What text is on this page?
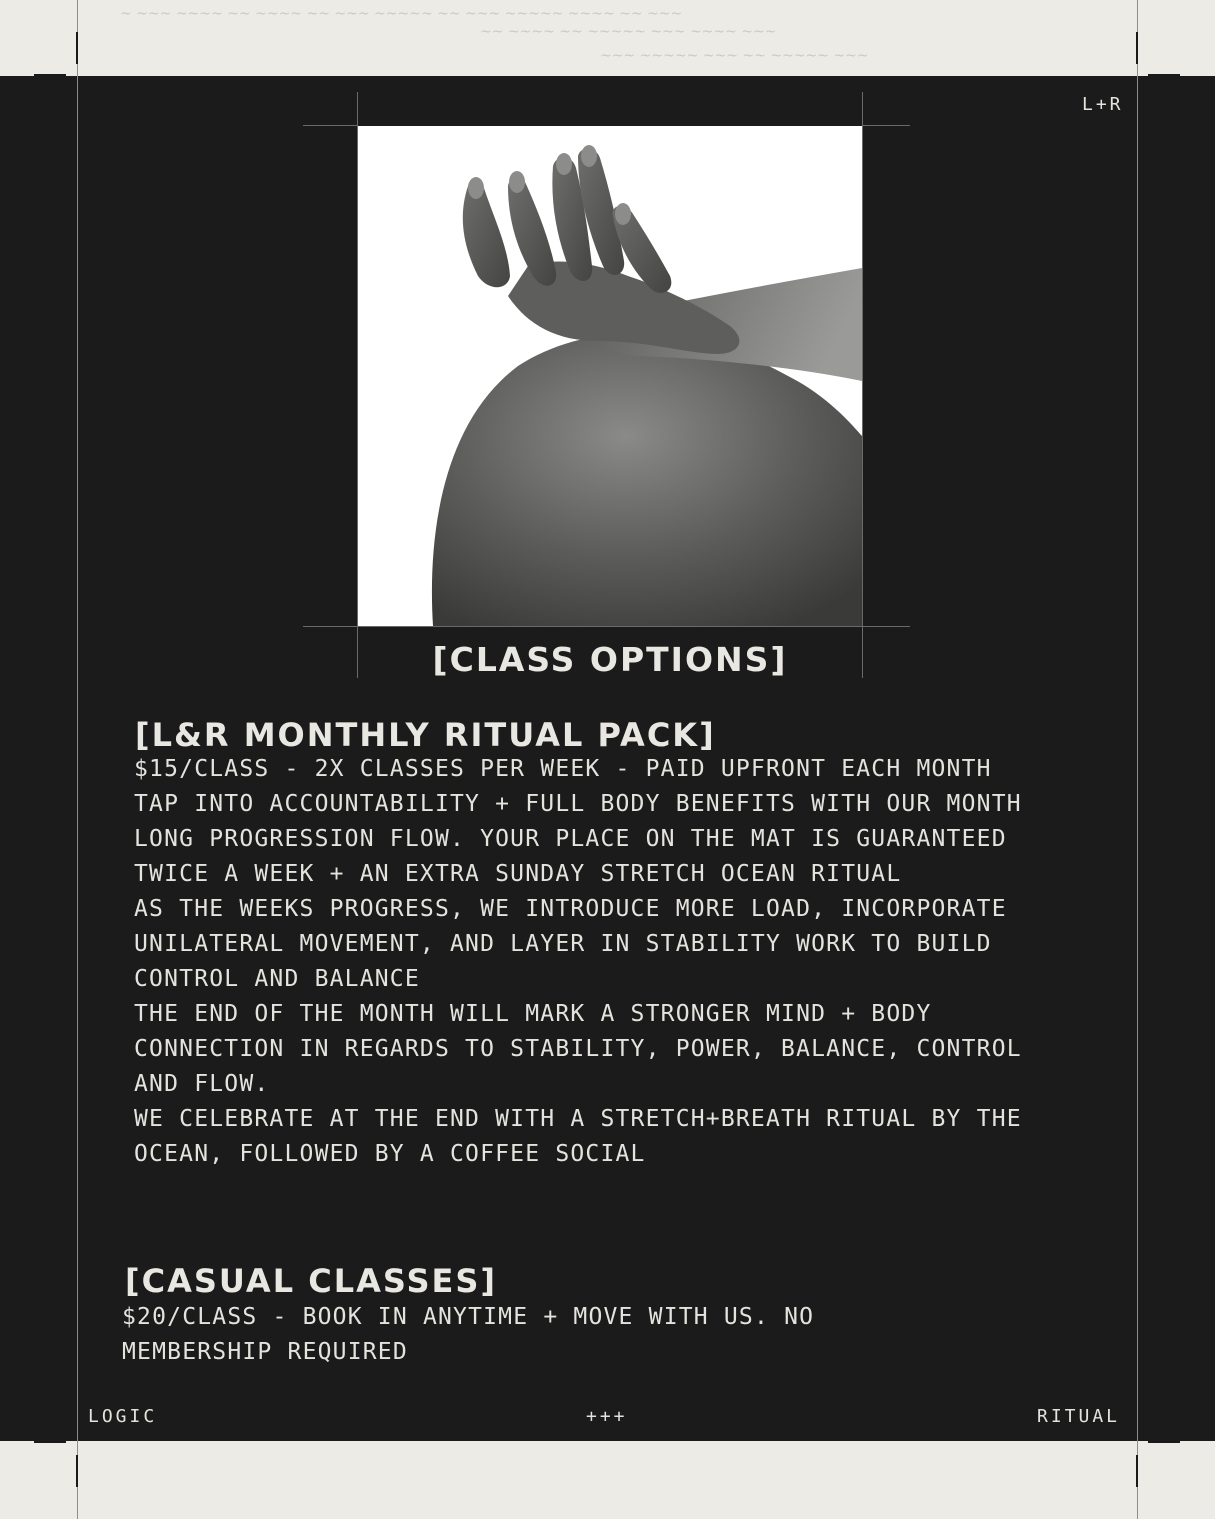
~ ~~~ ~~~~ ~~ ~~~~ ~~ ~~~ ~~~~~ ~~ ~~~ ~~~~~ ~~~~ ~~ ~~~
~~ ~~~~ ~~ ~~~~~ ~~~ ~~~~ ~~~
~~~ ~~~~~ ~~~ ~~ ~~~~~ ~~~
L+R
[CLASS OPTIONS]
[L&R MONTHLY RITUAL PACK]

$15/CLASS - 2X CLASSES PER WEEK - PAID UPFRONT EACH MONTH

TAP INTO ACCOUNTABILITY + FULL BODY BENEFITS WITH OUR MONTH LONG PROGRESSION FLOW. YOUR PLACE ON THE MAT IS GUARANTEED TWICE A WEEK + AN EXTRA SUNDAY STRETCH OCEAN RITUAL

AS THE WEEKS PROGRESS, WE INTRODUCE MORE LOAD, INCORPORATE UNILATERAL MOVEMENT, AND LAYER IN STABILITY WORK TO BUILD CONTROL AND BALANCE

THE END OF THE MONTH WILL MARK A STRONGER MIND + BODY CONNECTION IN REGARDS TO STABILITY, POWER, BALANCE, CONTROL AND FLOW.

WE CELEBRATE AT THE END WITH A STRETCH+BREATH RITUAL BY THE OCEAN, FOLLOWED BY A COFFEE SOCIAL

[CASUAL CLASSES]

$20/CLASS - BOOK IN ANYTIME + MOVE WITH US. NO MEMBERSHIP REQUIRED

LOGIC	+++	RITUAL
